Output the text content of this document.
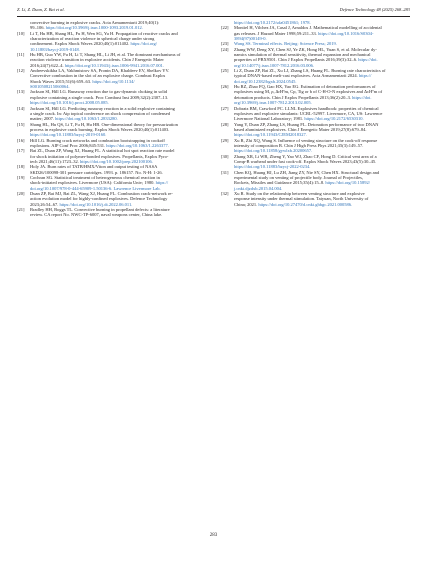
Z. Li, Z. Duan, Z. Bai et al.	Defence Technology 48 (2025) 268–283
convective burning in explosive cracks. Acta Armamentarii 2019;40(1):
99–106. https://doi.org/10.3969/j.issn.1000-1093.2019.01.012.
[10]	Li T, Hu HB, Shang HL, Fu H, Wen SG, Yu H. Propagation of reactive cracks and
characterization of reaction violence in spherical charge under strong
confinement. Explos Shock Waves 2020;40(1):011402. https://doi.org/
10.11883/bzycj-2019-0148.
[11]	Hu HB, Guo YW, Fu H, Li T, Shang HL, Li JH, et al. The dominant mechanisms of
reaction violence transition in explosive accidents. Chin J Energetic Mater
2016;24(7):622–4. https://doi.org/10.11943/j.issn.1006-9941.2016.07.001.
[12]	Andreevskikha LA, Vakhmistrov SA, Pronin DA, Khaldeev EV, Shelkov YV.
Convective combustion in the slot of an explosive charge. Combust Explos
Shock Waves 2015;51(6):659–63. https://doi.org/10.1134/
S0010508215060064.
[13]	Jackson SI, Hill LG. Runaway reaction due to gas-dynamic choking in solid
explosive containing a single crack. Proc Combust Inst 2009;32(2):2307–13.
https://doi.org/10.1016/j.proci.2008.05.085.
[14]	Jackson SI, Hill LG. Predicting runaway reaction in a solid explosive containing
a single crack. In: Aip topical conference on shock compression of condensed
matter; 2007. https://doi.org/10.1063/1.2833280.
[15]	Shang HL, Hu QS, Li T, Fu H, Hu HB. One-dimensional theory for pressurization
process in explosive crack burning. Explos Shock Waves 2020;40(1):011403.
https://doi.org/10.11883/bzycj-2019-0160.
[16]	Hill LG. Burning crack networks and combustion bootstrapping in cookoff
explosions. AIP Conf Proc 2006;845:531. https://doi.org/10.1063/1.2263377.
[17]	Bai ZL, Duan ZP, Wang XJ, Huang FL. A statistical hot spot reaction rate model
for shock initiation of polymer-bonded explosives. Propellants, Explos Pyro-
tech 2021;46(11):1723–32. https://doi.org/10.1002/prep.202100106.
[18]	Holy JA. Burn rates of TATB/HMX/Viton and output testing of NASA
SKD26/100098-301 pressure cartridges. 1993. p. 186157. No. N-H: 1-26.
[19]	Cochran SG. Statistical treatment of heterogeneous chemical reaction in
shock-initiated explosives. Livermore (USA): California Univ; 1980. https://
doi.org/10.1007/978-0-444-65909-1.50136-6. Lawrence Livermore Lab.
[20]	Duan ZP, Bai MJ, Bai ZL, Wang XJ, Huang FL. Combustion crack-network re-
action evolution model for highly-confined explosives. Defence Technology
2023;26:54–67. https://doi.org/10.1016/j.dt.2022.06.011.
[21]	Bradley HH, Boggs TL. Convective burning in propellant defects: a literature
review. CA report No. NWC-TP-6007, naval weapons center, China lake.
https://doi.org/10.2172/sda0451861; 1978.
[22]	Montiel H, Vilchez JA, Casal J, Arnaldos J. Mathematical modelling of accidental
gas releases. J Hazard Mater 1998;59:211–33. https://doi.org/10.1016/S0304-
3894(97)00149-0.
[23]	Wang SS. Terminal effects. Beijing: Science Press; 2019.
[24]	Zhang WW, Deng XY, Chen SJ, Ye ZK, Hong HL, Yuan S, et al. Molecular dy-
namics simulation of thermal sensitivity, thermal expansion and mechanical
properties of PBX9501. Chin J Explos Propellants 2016;39(3):32–6. https://doi.
org/10.14077/j.issn.1007-7812.2016.03.006.
[25]	Li Z, Duan ZP, Bai ZL, Xu LJ, Zhang LS, Huang FL. Burning rate characteristics of
typical DNAN-based melt-cast explosives. Acta Armamentarii 2024. https://
doi.org/10.12382/bgxb.2024.0545.
[26]	Hu RZ, Zhao FQ, Gao HX, Yao EG. Estimation of detonation performances of
explosives using M, ρ, ΔrHºm, Cp, Tig or b of C-H-O-N explosives and ΔcHºm of
detonation products. Chin J Explos Propellants 2013;36(2):20–3. https://doi.
org/10.3969/j.issn.1007-7812.2013.02.005.
[27]	Dobratz BM, Crawford PC. LLNL Explosives handbook: properties of chemical
explosives and explosive simulants: UCRL-52997. Livermore, CA, US: Lawrence
Livermore National Laboratory; 1981. https://doi.org/10.2172/6530310.
[28]	Yang Y, Duan ZP, Zhang LS, Huang FL. Detonation performance of two DNAN
based aluminized explosives. Chin J Energetic Mater 2019;27(8):679–84.
https://doi.org/10.11943/CJEM2018327.
[29]	Xu R, Zhi XQ, Wang S. Influence of venting structure on the cook-off response
intensity of composition B. Chin J High Press Phys 2021;35(3):149–57.
https://doi.org/10.11858/gywlxb.20200657.
[30]	Zhang XR, Li WB, Zheng Y, Yao WJ, Zhao CF, Hong D. Critical vent area of a
Comp-B warhead under fast cook-off. Explos Shock Waves 2023;43(5):30–45.
https://doi.org/10.11883/bzycj-2022-0234.
[31]	Chen KQ, Huang HJ, Lu ZH, Jiang ZY, Nie SY, Chen HX. Structural design and
experimental study on venting of projectile body. Journal of Projectiles,
Rockets, Missiles and Guidance 2015;35(4):15–8. https://doi.org/10.15892/
j.cnki.djzdxb.2015.04.004.
[32]	Xu R. Study on the relationship between venting structure and explosive
response intensity under thermal stimulation. Taiyuan, North University of
China; 2021. https://doi.org/10.27470/d.cnki.ghbgc.2021.000586.
283
